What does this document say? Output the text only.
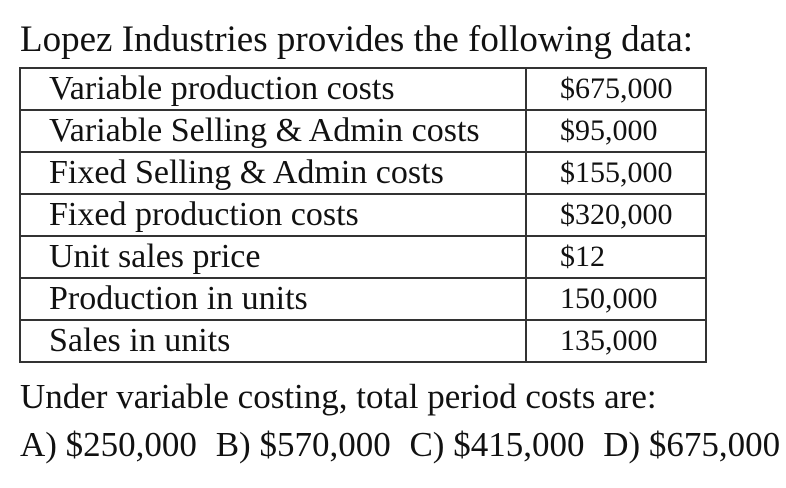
Lopez Industries provides the following data:
Variable production costs	$675,000
Variable Selling & Admin costs	$95,000
Fixed Selling & Admin costs	$155,000
Fixed production costs	$320,000
Unit sales price	$12
Production in units	150,000
Sales in units	135,000
Under variable costing, total period costs are:
A) $250,000 B) $570,000 C) $415,000 D) $675,000
